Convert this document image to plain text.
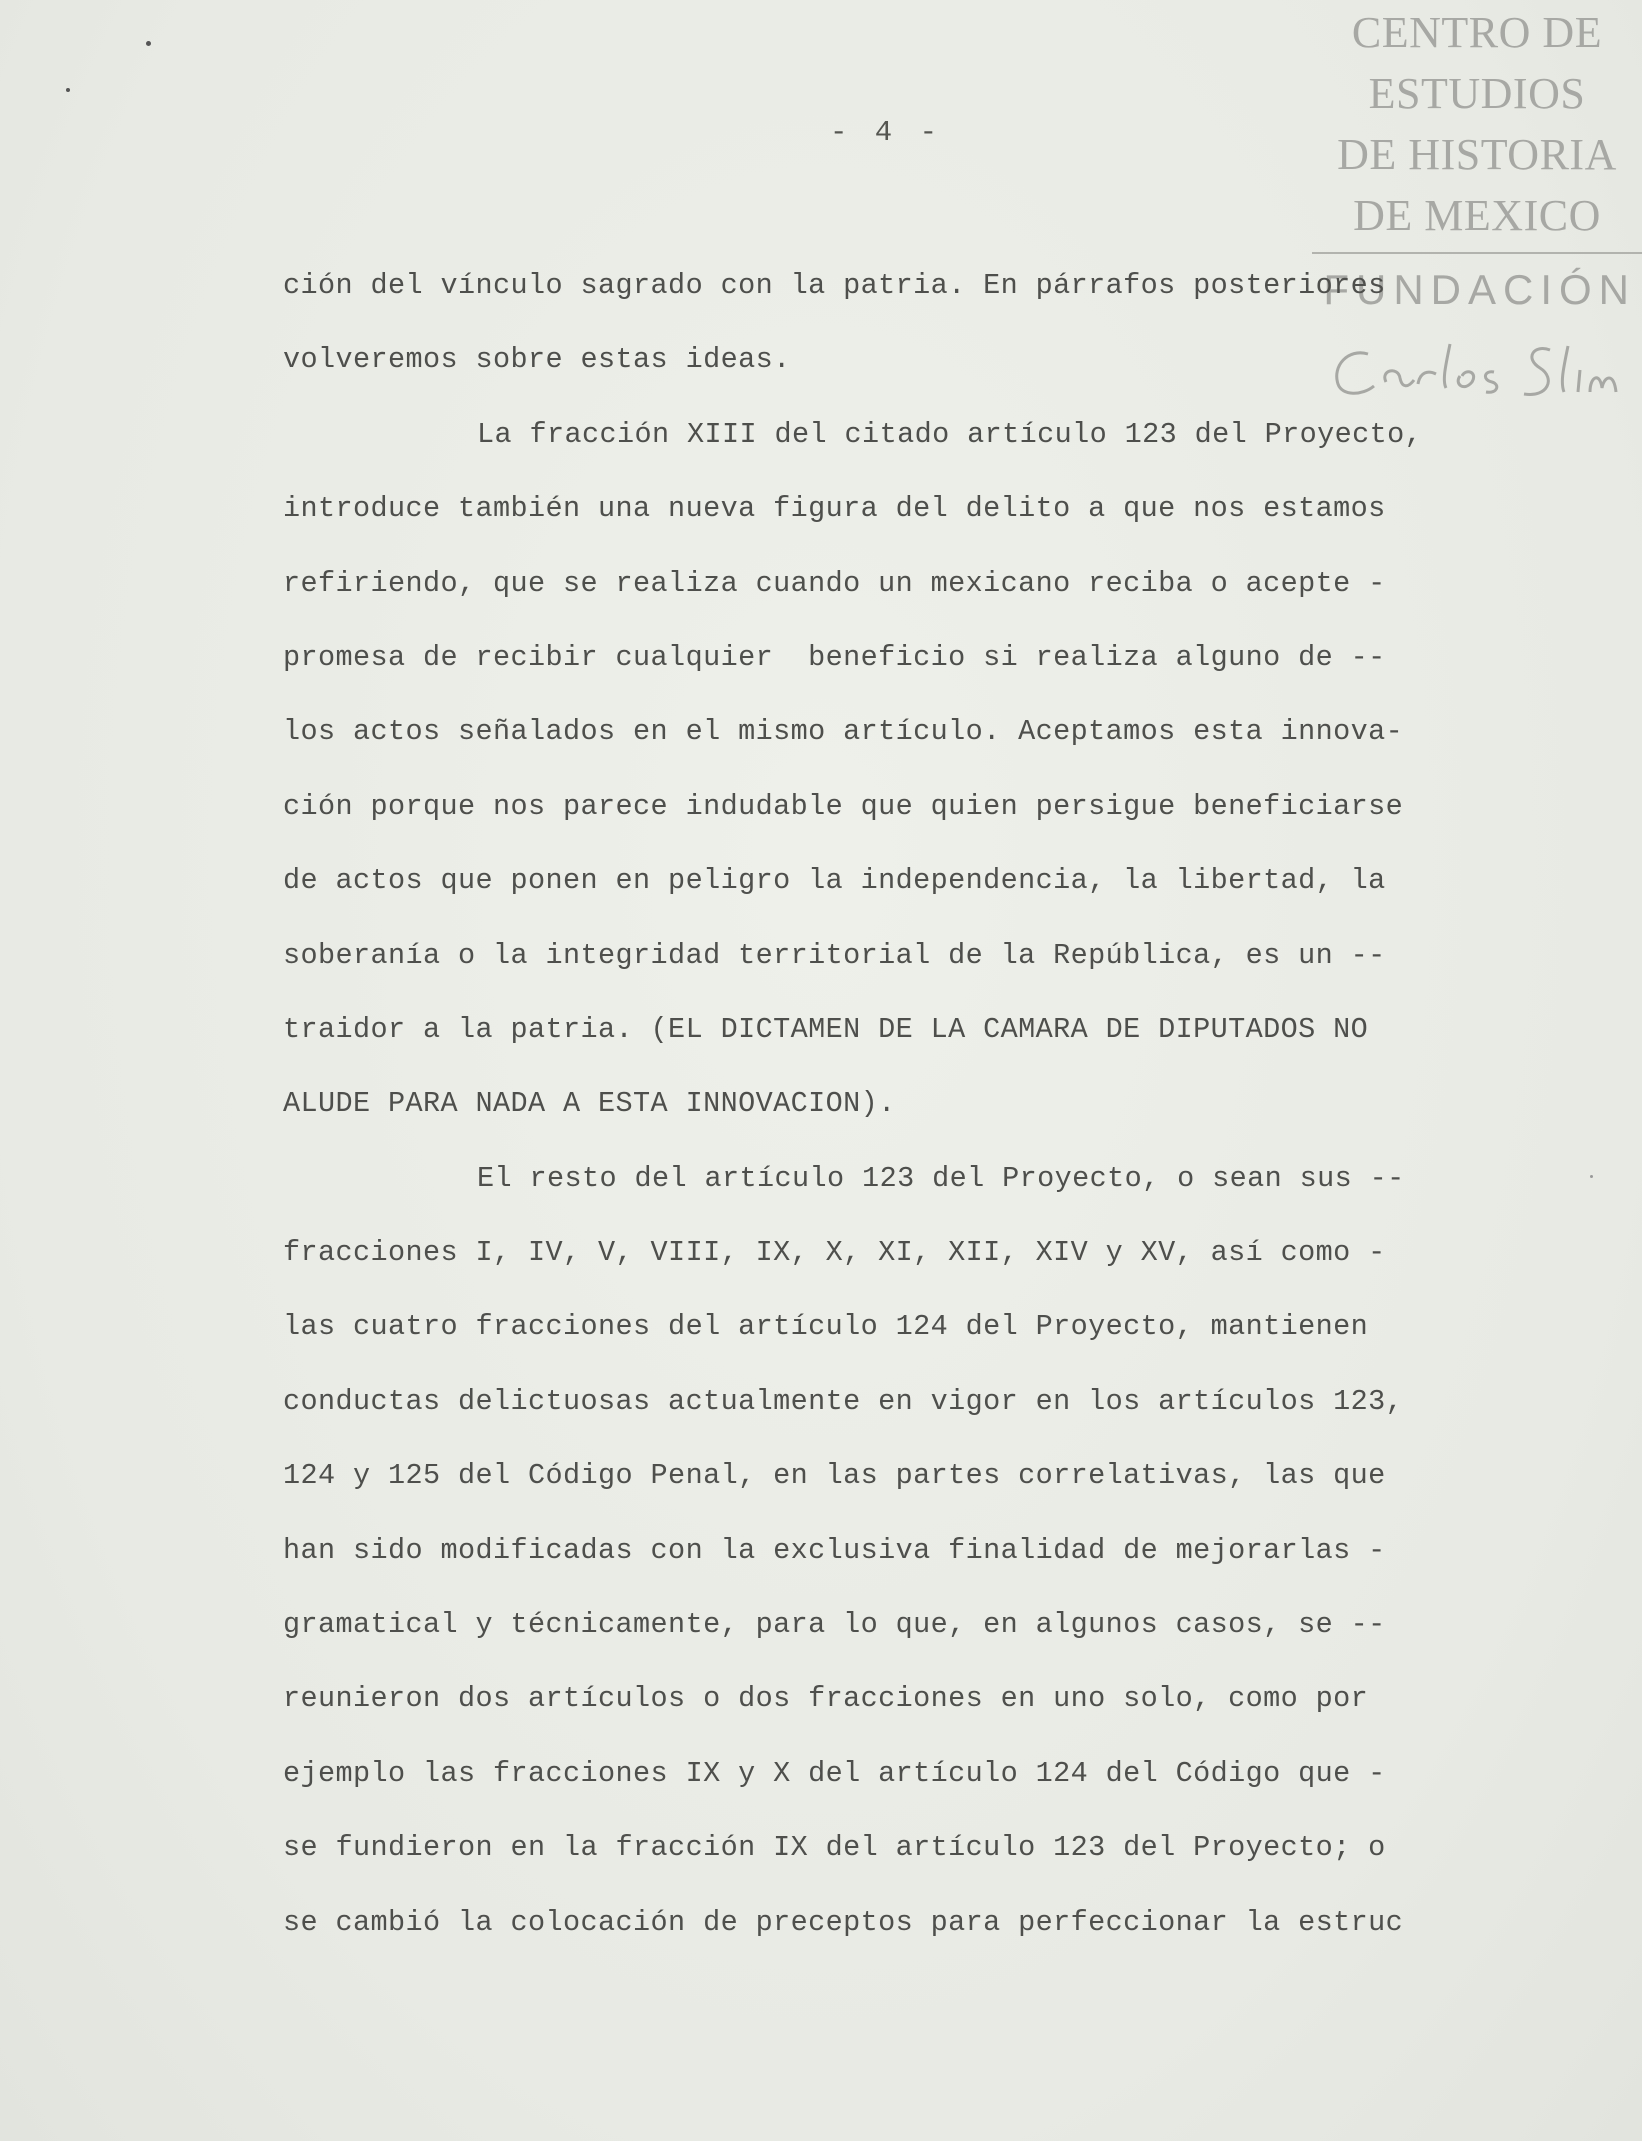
CENTRO DE
ESTUDIOS
DE HISTORIA
DE MEXICO
FUNDACIÓN
- 4 -
ción del vínculo sagrado con la patria. En párrafos posteriores
volveremos sobre estas ideas.
La fracción XIII del citado artículo 123 del Proyecto,
introduce también una nueva figura del delito a que nos estamos
refiriendo, que se realiza cuando un mexicano reciba o acepte -
promesa de recibir cualquier  beneficio si realiza alguno de --
los actos señalados en el mismo artículo. Aceptamos esta innova-
ción porque nos parece indudable que quien persigue beneficiarse
de actos que ponen en peligro la independencia, la libertad, la
soberanía o la integridad territorial de la República, es un --
traidor a la patria. (EL DICTAMEN DE LA CAMARA DE DIPUTADOS NO
ALUDE PARA NADA A ESTA INNOVACION).
El resto del artículo 123 del Proyecto, o sean sus --
fracciones I, IV, V, VIII, IX, X, XI, XII, XIV y XV, así como -
las cuatro fracciones del artículo 124 del Proyecto, mantienen
conductas delictuosas actualmente en vigor en los artículos 123,
124 y 125 del Código Penal, en las partes correlativas, las que
han sido modificadas con la exclusiva finalidad de mejorarlas -
gramatical y técnicamente, para lo que, en algunos casos, se --
reunieron dos artículos o dos fracciones en uno solo, como por
ejemplo las fracciones IX y X del artículo 124 del Código que -
se fundieron en la fracción IX del artículo 123 del Proyecto; o
se cambió la colocación de preceptos para perfeccionar la estruc
